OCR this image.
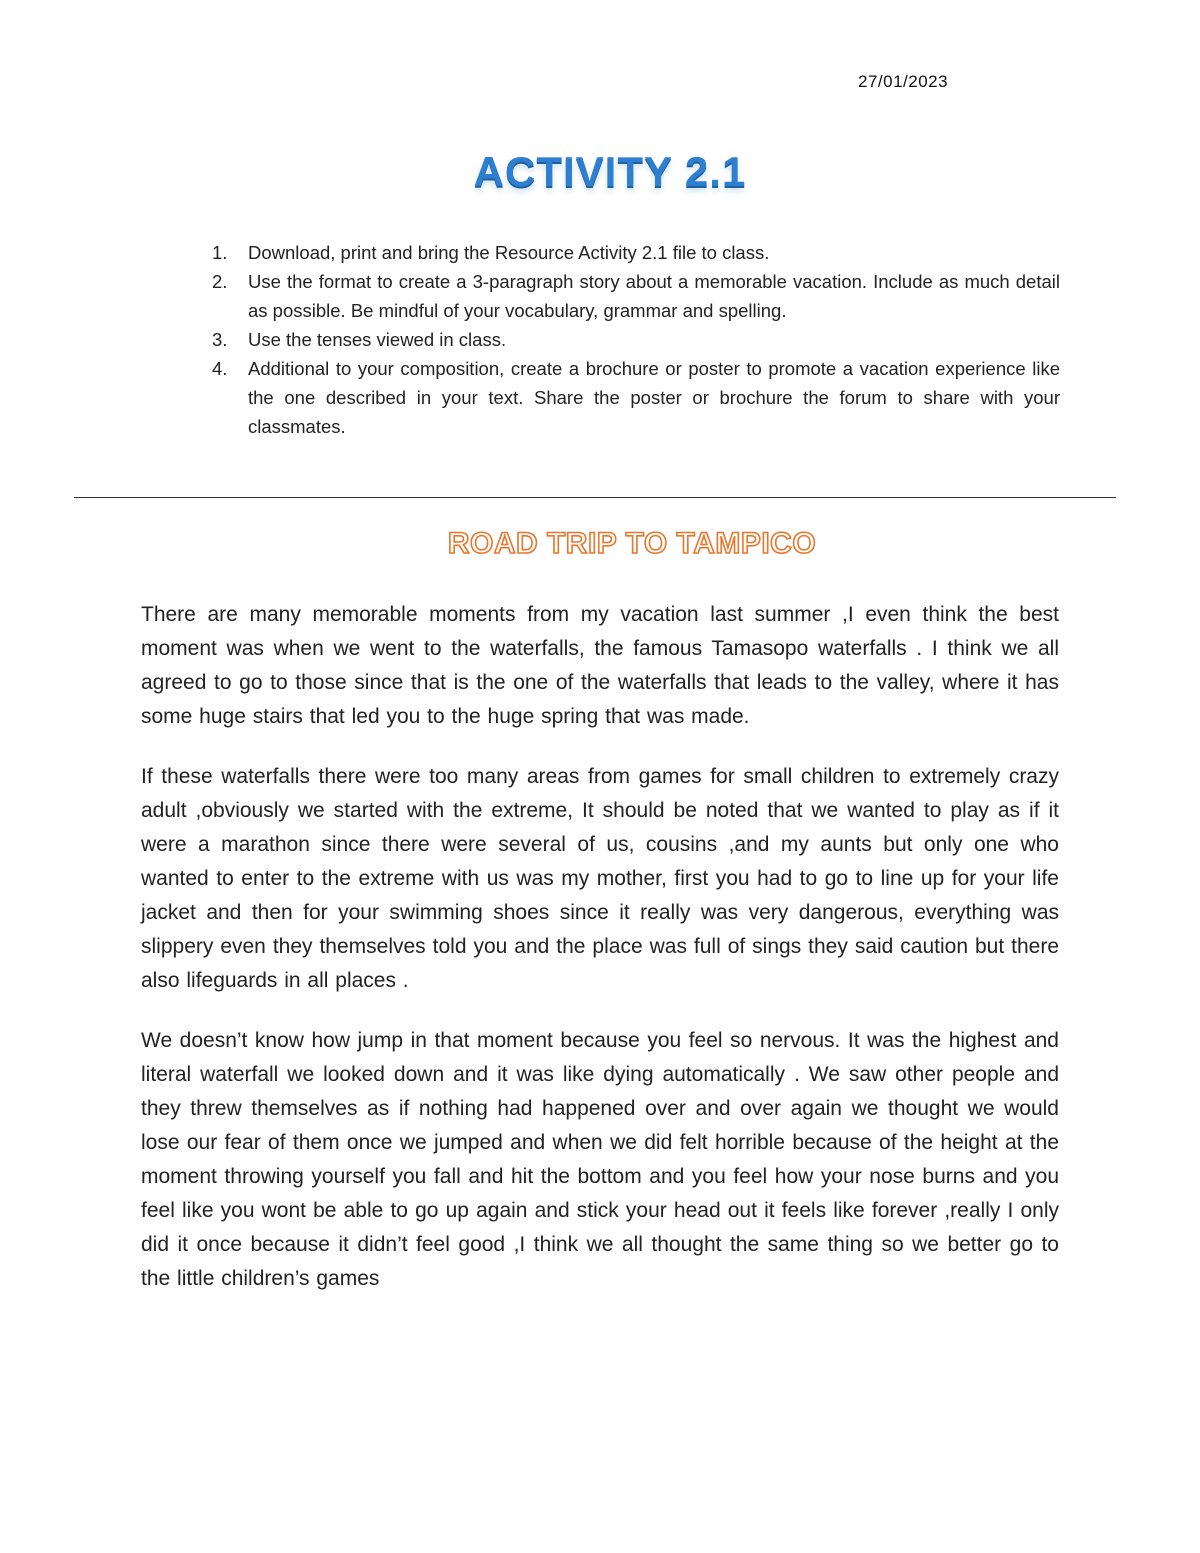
27/01/2023
ACTIVITY 2.1
1. Download, print and bring the Resource Activity 2.1 file to class.
2. Use the format to create a 3-paragraph story about a memorable vacation. Include as much detail as possible. Be mindful of your vocabulary, grammar and spelling.
3. Use the tenses viewed in class.
4. Additional to your composition, create a brochure or poster to promote a vacation experience like the one described in your text. Share the poster or brochure the forum to share with your classmates.
ROAD TRIP TO TAMPICO

There are many memorable moments from my vacation last summer ,I even think the best moment was when we went to the waterfalls, the famous Tamasopo waterfalls . I think we all agreed to go to those since that is the one of the waterfalls that leads to the valley, where it has some huge stairs that led you to the huge spring that was made.

If these waterfalls there were too many areas from games for small children to extremely crazy adult ,obviously we started with the extreme, It should be noted that we wanted to play as if it were a marathon since there were several of us, cousins ,and my aunts but only one who wanted to enter to the extreme with us was my mother, first you had to go to line up for your life jacket and then for your swimming shoes since it really was very dangerous, everything was slippery even they themselves told you and the place was full of sings they said caution but there also lifeguards in all places .

We doesn’t know how jump in that moment because you feel so nervous. It was the highest and literal waterfall we looked down and it was like dying automatically . We saw other people and they threw themselves as if nothing had happened over and over again we thought we would lose our fear of them once we jumped and when we did felt horrible because of the height at the moment throwing yourself you fall and hit the bottom and you feel how your nose burns and you feel like you wont be able to go up again and stick your head out it feels like forever ,really I only did it once because it didn’t feel good ,I think we all thought the same thing so we better go to the little children’s games
